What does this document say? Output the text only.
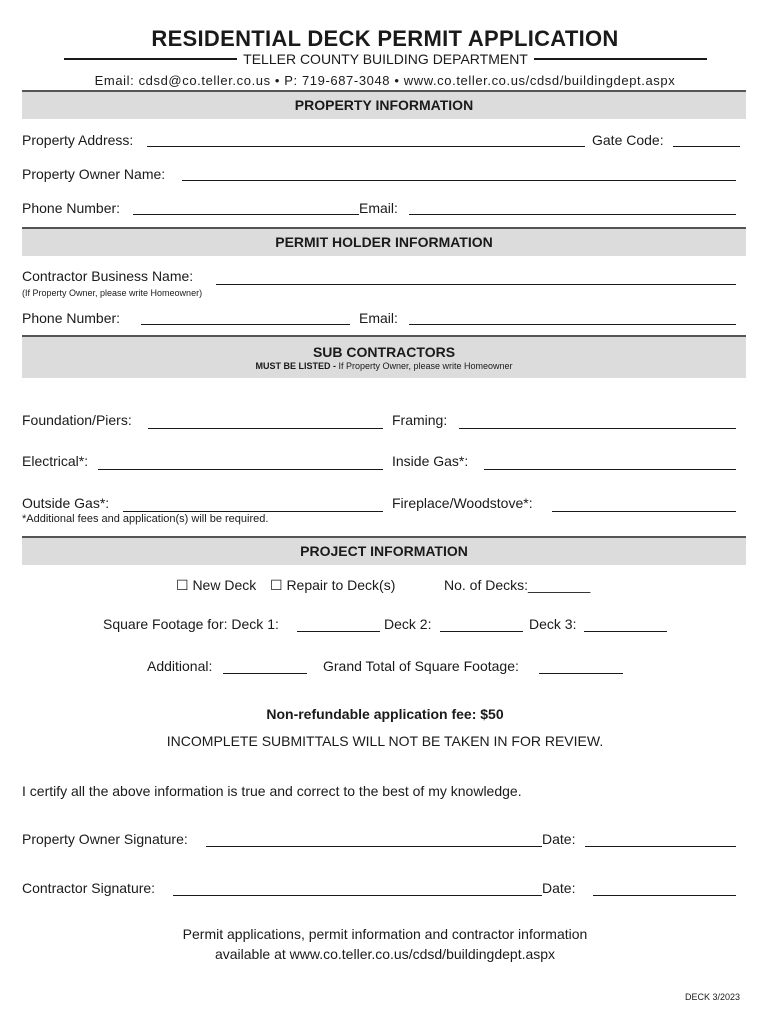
RESIDENTIAL DECK PERMIT APPLICATION
TELLER COUNTY BUILDING DEPARTMENT
Email: cdsd@co.teller.co.us • P: 719-687-3048 • www.co.teller.co.us/cdsd/buildingdept.aspx
PROPERTY INFORMATION
Property Address:	Gate Code:
Property Owner Name:
Phone Number:	Email:
PERMIT HOLDER INFORMATION
Contractor Business Name:
(If Property Owner, please write Homeowner)
Phone Number:	Email:
SUB CONTRACTORS
MUST BE LISTED - If Property Owner, please write Homeowner
Foundation/Piers:	Framing:
Electrical*:	Inside Gas*:
Outside Gas*:	Fireplace/Woodstove*:
*Additional fees and application(s) will be required.
PROJECT INFORMATION
☐ New Deck ☐ Repair to Deck(s)	No. of Decks:________
Square Footage for: Deck 1:	Deck 2:	Deck 3:
Additional:	Grand Total of Square Footage:
Non-refundable application fee: $50
INCOMPLETE SUBMITTALS WILL NOT BE TAKEN IN FOR REVIEW.
I certify all the above information is true and correct to the best of my knowledge.
Property Owner Signature:	Date:
Contractor Signature:	Date:
Permit applications, permit information and contractor information
available at www.co.teller.co.us/cdsd/buildingdept.aspx
DECK 3/2023
